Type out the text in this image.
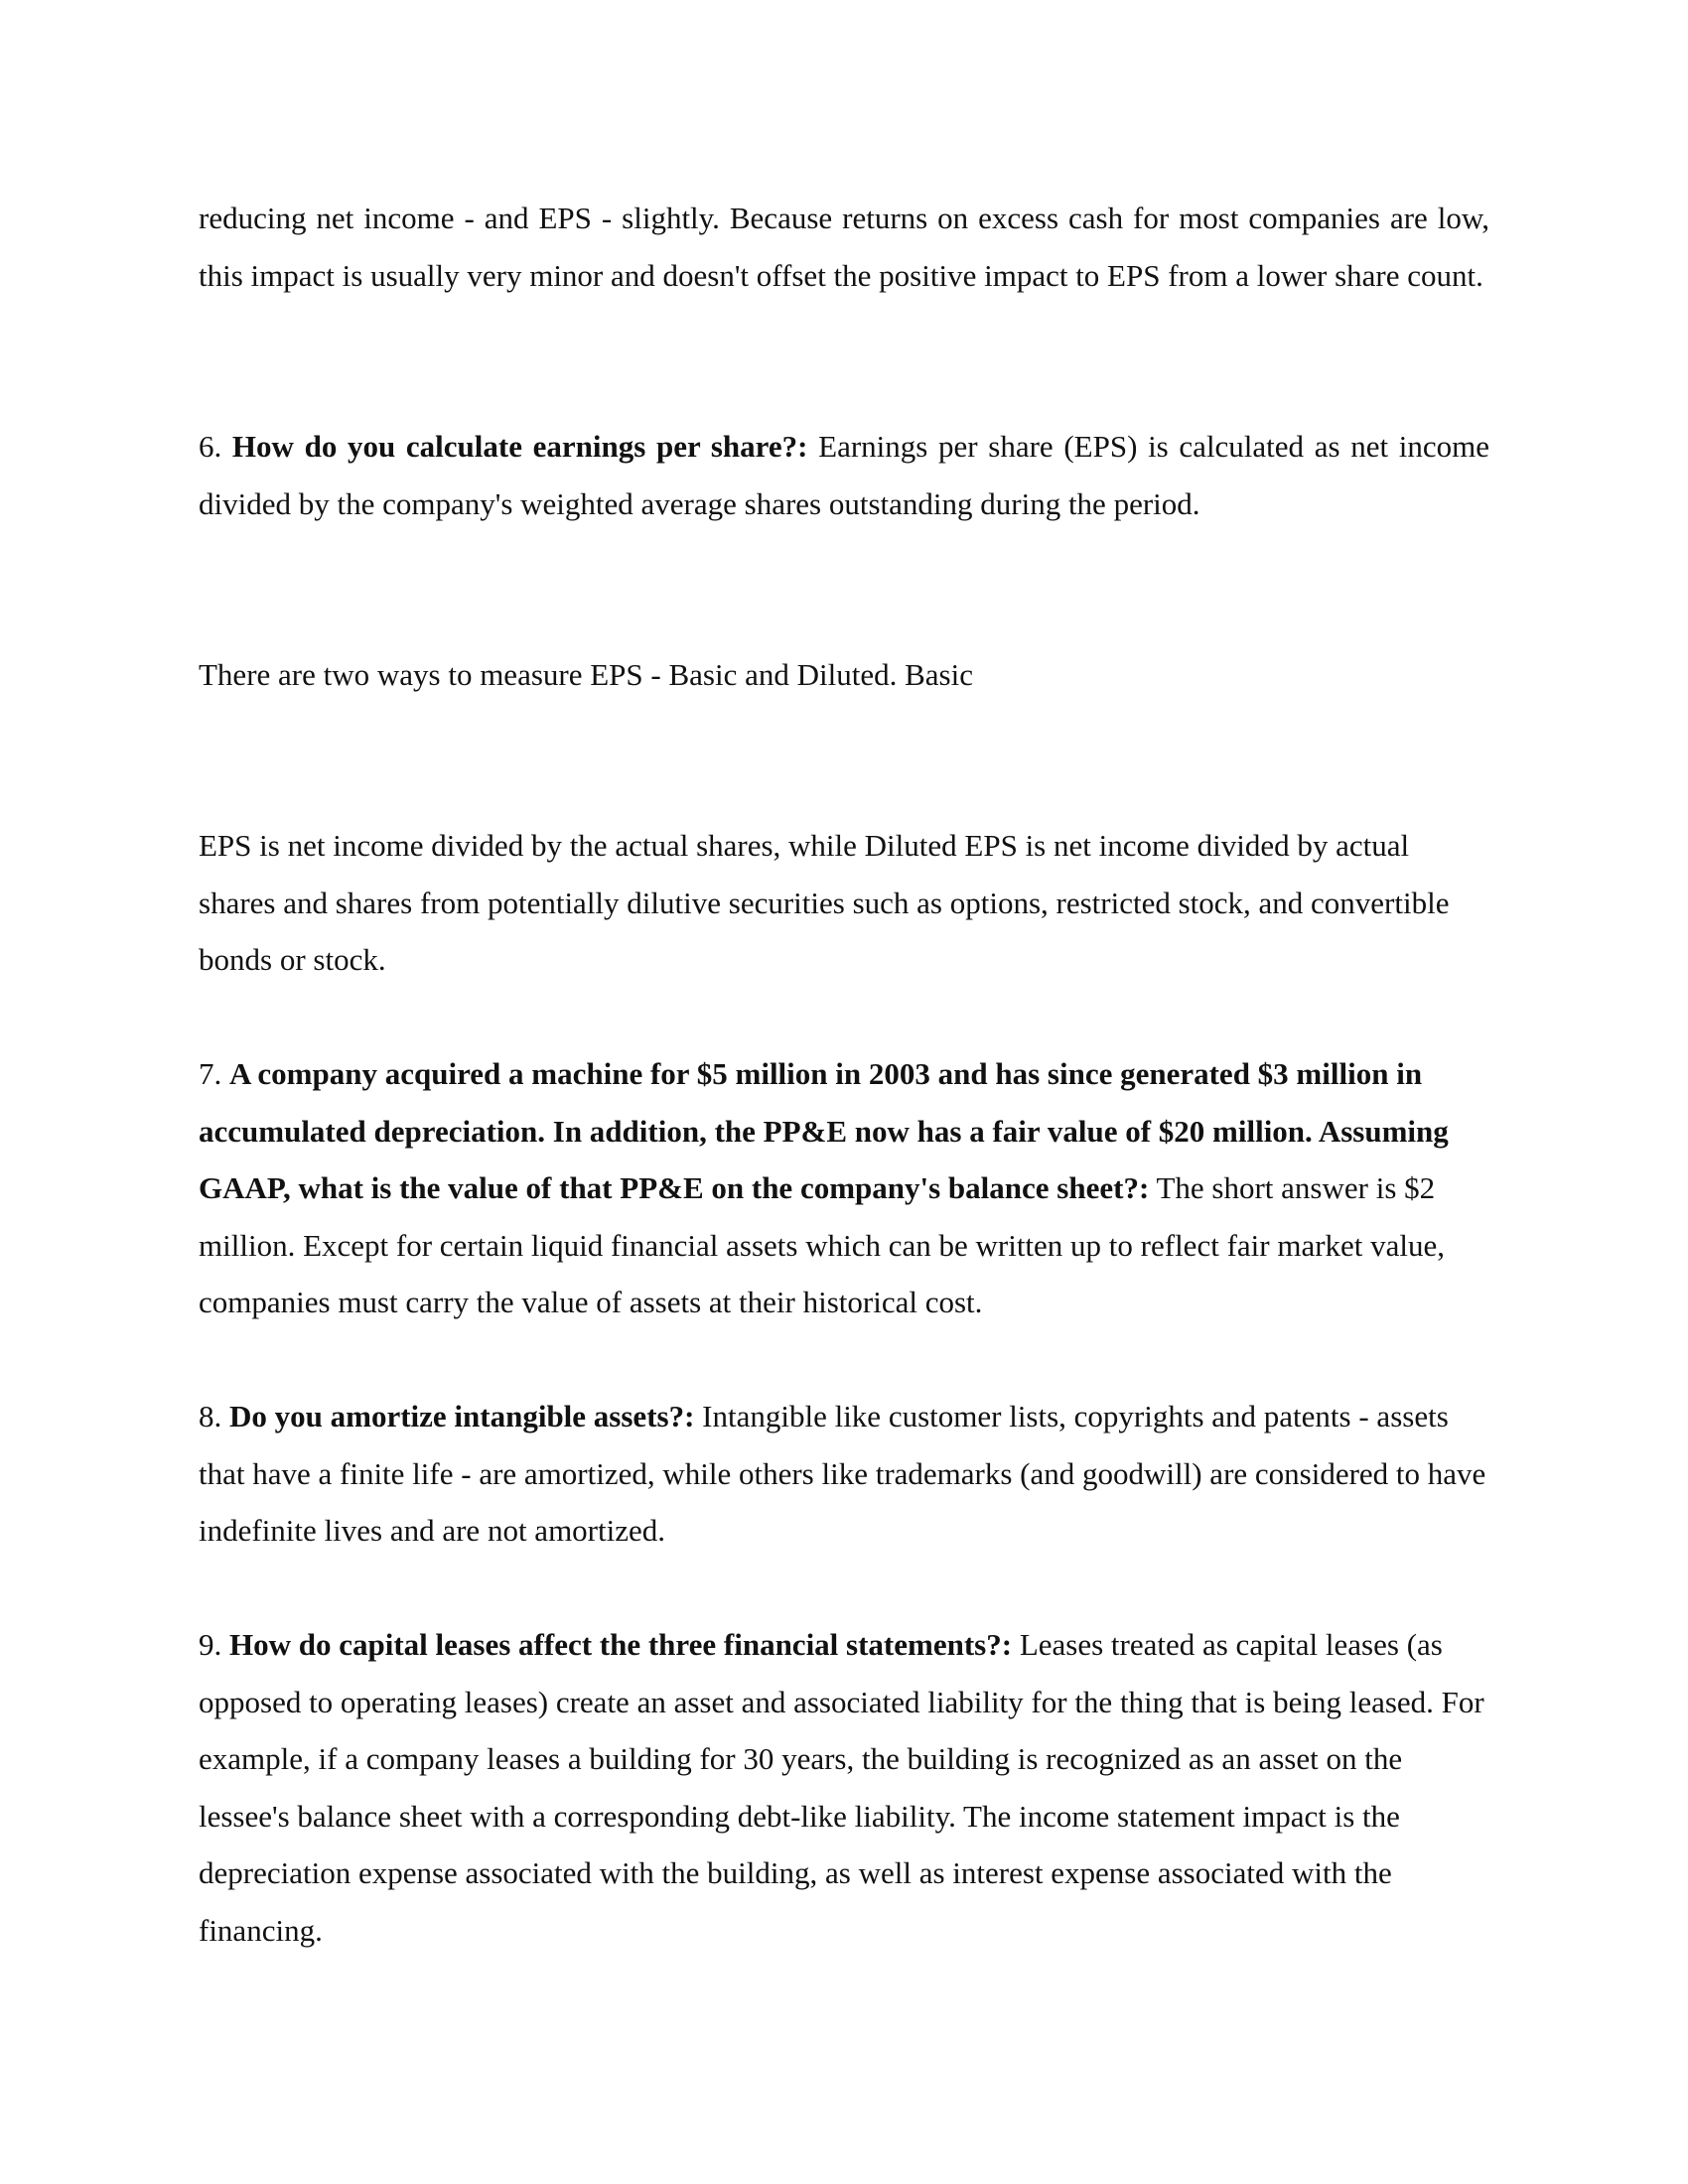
reducing net income - and EPS - slightly. Because returns on excess cash for most companies are low, this impact is usually very minor and doesn't offset the positive impact to EPS from a lower share count.

6. How do you calculate earnings per share?: Earnings per share (EPS) is calculated as net income divided by the company's weighted average shares outstanding during the period.

There are two ways to measure EPS - Basic and Diluted. Basic

EPS is net income divided by the actual shares, while Diluted EPS is net income divided by actual shares and shares from potentially dilutive securities such as options, restricted stock, and convertible bonds or stock.

7. A company acquired a machine for $5 million in 2003 and has since generated $3 million in accumulated depreciation. In addition, the PP&E now has a fair value of $20 million. Assuming GAAP, what is the value of that PP&E on the company's balance sheet?: The short answer is $2 million. Except for certain liquid financial assets which can be written up to reflect fair market value, companies must carry the value of assets at their historical cost.

8. Do you amortize intangible assets?: Intangible like customer lists, copyrights and patents - assets that have a finite life - are amortized, while others like trademarks (and goodwill) are considered to have indefinite lives and are not amortized.

9. How do capital leases affect the three financial statements?: Leases treated as capital leases (as opposed to operating leases) create an asset and associated liability for the thing that is being leased. For example, if a company leases a building for 30 years, the building is recognized as an asset on the lessee's balance sheet with a corresponding debt-like liability. The income statement impact is the depreciation expense associated with the building, as well as interest expense associated with the financing.
